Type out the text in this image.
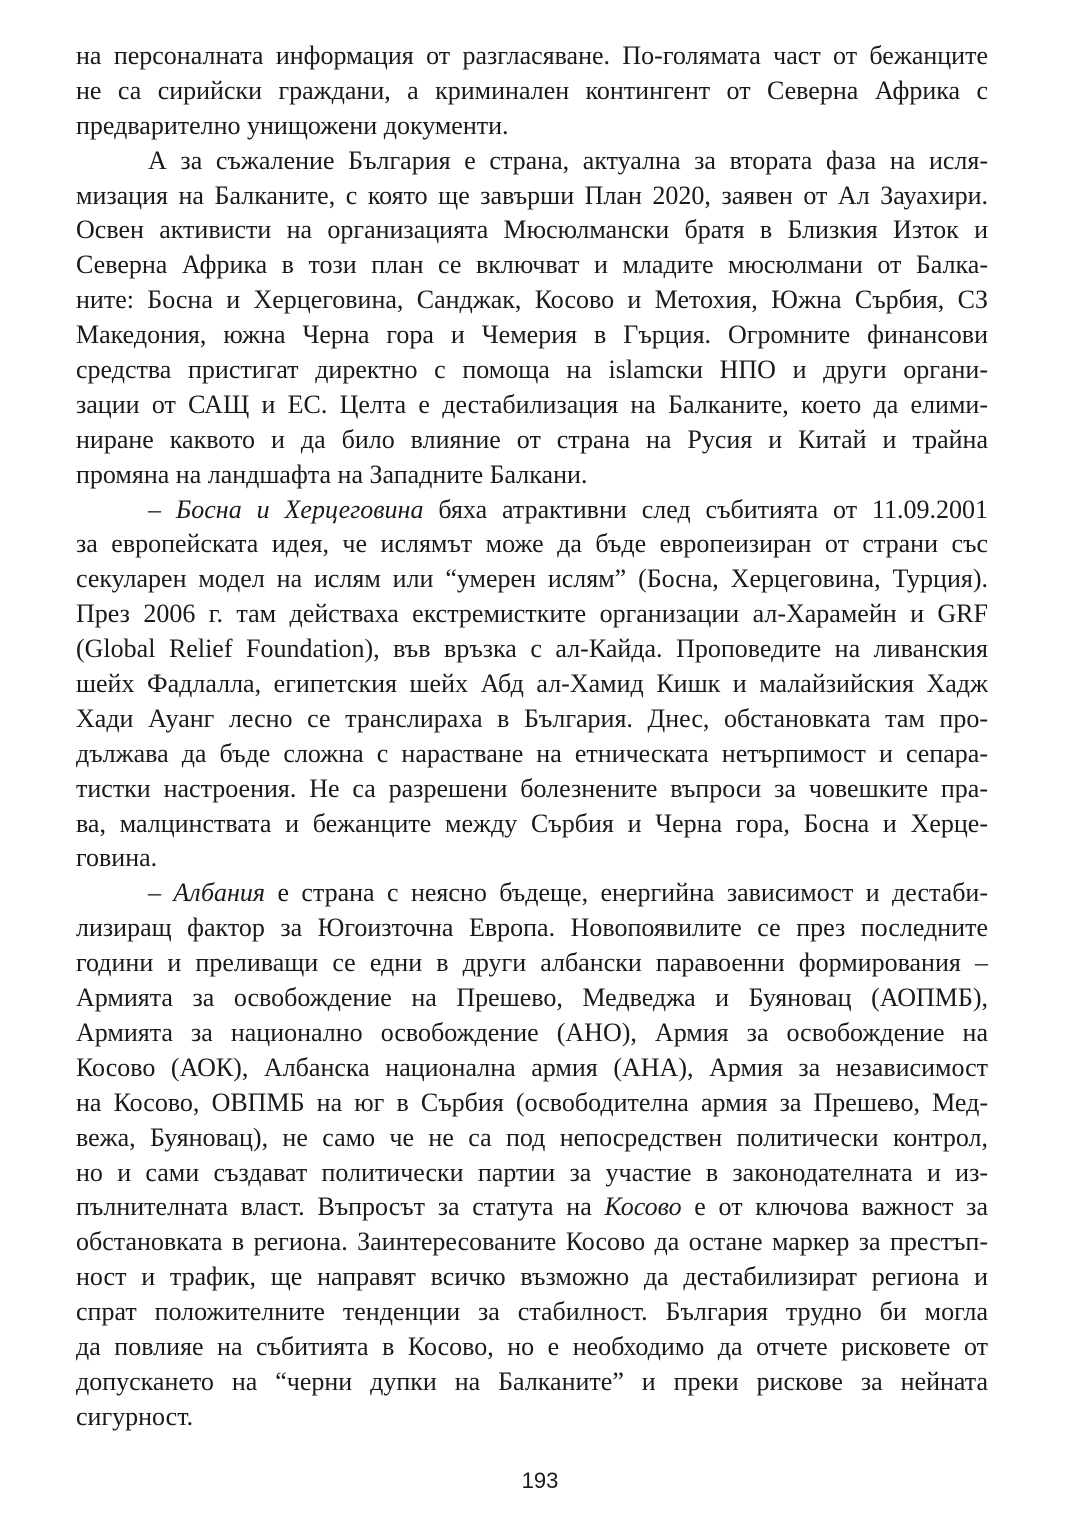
на персоналната информация от разгласяване. По-голямата част от бежанците
не са сирийски граждани, а криминален контингент от Северна Африка с
предварително унищожени документи.
А за съжаление България е страна, актуална за втората фаза на исля-
мизация на Балканите, с която ще завърши План 2020, заявен от Ал Зауахири.
Освен активисти на организацията Мюсюлмански братя в Близкия Изток и
Северна Африка в този план се включват и младите мюсюлмани от Балка-
ните: Босна и Херцеговина, Санджак, Косово и Метохия, Южна Сърбия, СЗ
Македония, южна Черна гора и Чемерия в Гърция. Огромните финансови
средства пристигат директно с помоща на islamски НПО и други органи-
зации от САЩ и ЕС. Целта е дестабилизация на Балканите, което да елими-
ниране каквото и да било влияние от страна на Русия и Китай и трайна
промяна на ландшафта на Западните Балкани.
– Босна и Херцеговина бяха атрактивни след събитията от 11.09.2001
за европейската идея, че ислямът може да бъде европеизиран от страни със
секуларен модел на ислям или “умерен ислям” (Босна, Херцеговина, Турция).
През 2006 г. там действаха екстремистките организации ал-Харамейн и GRF
(Global Relief Foundation), във връзка с ал-Кайда. Проповедите на ливанския
шейх Фадлалла, египетския шейх Абд ал-Хамид Кишк и малайзийския Хадж
Хади Ауанг лесно се транслираха в България. Днес, обстановката там про-
дължава да бъде сложна с нарастване на етническата нетърпимост и сепара-
тистки настроения. Не са разрешени болезнените въпроси за човешките пра-
ва, малцинствата и бежанците между Сърбия и Черна гора, Босна и Херце-
говина.
– Албания е страна с неясно бъдеще, енергийна зависимост и дестаби-
лизиращ фактор за Югоизточна Европа. Новопоявилите се през последните
години и преливащи се едни в други албански паравоенни формирования –
Армията за освобождение на Прешево, Медведжа и Буяновац (АОПМБ),
Армията за национално освобождение (АНО), Армия за освобождение на
Косово (АОК), Албанска национална армия (АНА), Армия за независимост
на Косово, ОВПМБ на юг в Сърбия (освободителна армия за Прешево, Мед-
вежа, Буяновац), не само че не са под непосредствен политически контрол,
но и сами създават политически партии за участие в законодателната и из-
пълнителната власт. Въпросът за статута на Косово е от ключова важност за
обстановката в региона. Заинтересованите Косово да остане маркер за престъп-
ност и трафик, ще направят всичко възможно да дестабилизират региона и
спрат положителните тенденции за стабилност. България трудно би могла
да повлияе на събитията в Косово, но е необходимо да отчете рисковете от
допускането на “черни дупки на Балканите” и преки рискове за нейната
сигурност.
193
